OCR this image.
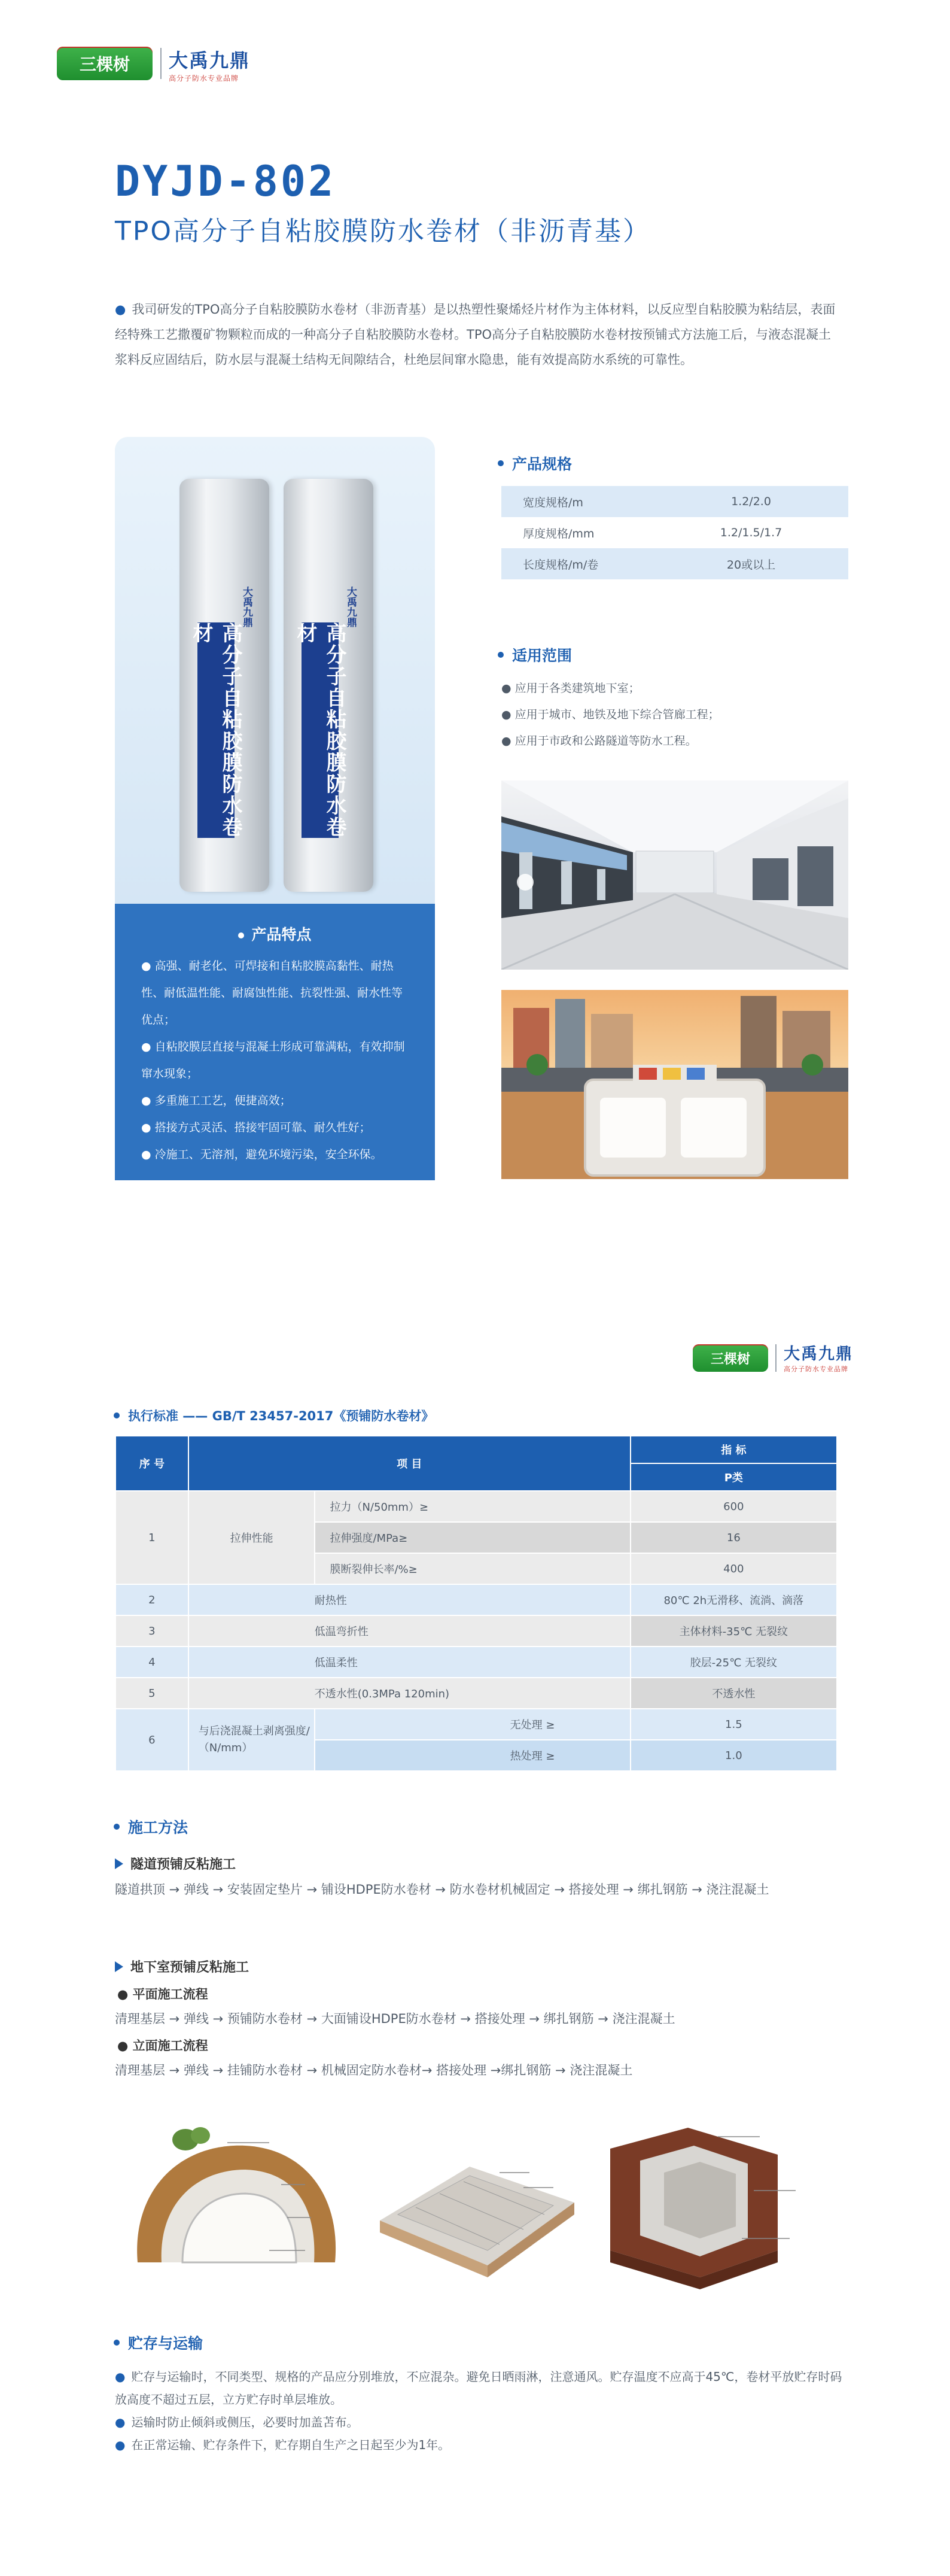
三棵树	大禹九鼎
高分子防水专业品牌
DYJD-802
TPO高分子自粘胶膜防水卷材（非沥青基）
● 我司研发的TPO高分子自粘胶膜防水卷材（非沥青基）是以热塑性聚烯烃片材作为主体材料，以反应型自粘胶膜为粘结层，表面经特殊工艺撒覆矿物颗粒而成的一种高分子自粘胶膜防水卷材。TPO高分子自粘胶膜防水卷材按预铺式方法施工后，与液态混凝土浆料反应固结后，防水层与混凝土结构无间隙结合，杜绝层间窜水隐患，能有效提高防水系统的可靠性。
高分子自粘胶膜防水卷材	高分子自粘胶膜防水卷材
大禹九鼎	大禹九鼎
产品特点
● 高强、耐老化、可焊接和自粘胶膜高黏性、耐热性、耐低温性能、耐腐蚀性能、抗裂性强、耐水性等优点；
● 自粘胶膜层直接与混凝土形成可靠满粘，有效抑制窜水现象；
● 多重施工工艺，便捷高效；
● 搭接方式灵活、搭接牢固可靠、耐久性好；
● 冷施工、无溶剂，避免环境污染，安全环保。
产品规格
宽度规格/m	1.2/2.0
厚度规格/mm	1.2/1.5/1.7
长度规格/m/卷	20或以上
适用范围
● 应用于各类建筑地下室；
● 应用于城市、地铁及地下综合管廊工程；
● 应用于市政和公路隧道等防水工程。
三棵树	大禹九鼎
高分子防水专业品牌
执行标准 —— GB/T 23457-2017《预铺防水卷材》
序 号	项 目		指 标
			P类
1	拉伸性能	拉力（N/50mm）≥	600
		拉伸强度/MPa≥	16
		膜断裂伸长率/%≥	400
2	耐热性		80℃ 2h无滑移、流淌、滴落
3	低温弯折性		主体材料-35℃ 无裂纹
4	低温柔性		胶层-25℃ 无裂纹
5	不透水性(0.3MPa 120min)		不透水性
6	与后浇混凝土剥离强度/（N/mm）	无处理 ≥	1.5
		热处理 ≥	1.0
施工方法
隧道预铺反粘施工
隧道拱顶 → 弹线 → 安装固定垫片 → 铺设HDPE防水卷材 → 防水卷材机械固定 → 搭接处理 → 绑扎钢筋 → 浇注混凝土
地下室预铺反粘施工
● 平面施工流程
清理基层 → 弹线 → 预铺防水卷材 → 大面铺设HDPE防水卷材 → 搭接处理 → 绑扎钢筋 → 浇注混凝土
● 立面施工流程
清理基层 → 弹线 → 挂铺防水卷材 → 机械固定防水卷材→ 搭接处理 →绑扎钢筋 → 浇注混凝土
贮存与运输
● 贮存与运输时，不同类型、规格的产品应分别堆放，不应混杂。避免日晒雨淋，注意通风。贮存温度不应高于45℃，卷材平放贮存时码放高度不超过五层，立方贮存时单层堆放。
● 运输时防止倾斜或侧压，必要时加盖苫布。
● 在正常运输、贮存条件下，贮存期自生产之日起至少为1年。
